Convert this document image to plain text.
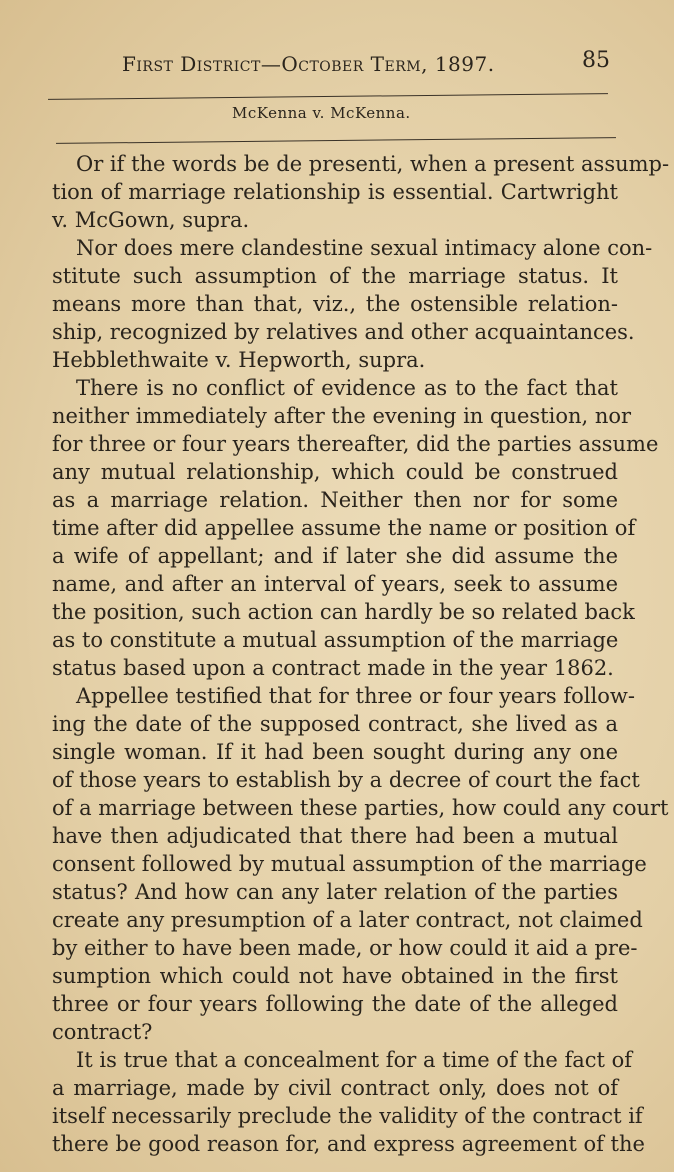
First District—October Term, 1897.	85
McKenna v. McKenna.
Or if the words be de presenti, when a present assump-
tion of marriage relationship is essential. Cartwright
v. McGown, supra.
Nor does mere clandestine sexual intimacy alone con-
stitute such assumption of the marriage status. It
means more than that, viz., the ostensible relation-
ship, recognized by relatives and other acquaintances.
Hebblethwaite v. Hepworth, supra.
There is no conflict of evidence as to the fact that
neither immediately after the evening in question, nor
for three or four years thereafter, did the parties assume
any mutual relationship, which could be construed
as a marriage relation. Neither then nor for some
time after did appellee assume the name or position of
a wife of appellant; and if later she did assume the
name, and after an interval of years, seek to assume
the position, such action can hardly be so related back
as to constitute a mutual assumption of the marriage
status based upon a contract made in the year 1862.
Appellee testified that for three or four years follow-
ing the date of the supposed contract, she lived as a
single woman. If it had been sought during any one
of those years to establish by a decree of court the fact
of a marriage between these parties, how could any court
have then adjudicated that there had been a mutual
consent followed by mutual assumption of the marriage
status? And how can any later relation of the parties
create any presumption of a later contract, not claimed
by either to have been made, or how could it aid a pre-
sumption which could not have obtained in the first
three or four years following the date of the alleged
contract?
It is true that a concealment for a time of the fact of
a marriage, made by civil contract only, does not of
itself necessarily preclude the validity of the contract if
there be good reason for, and express agreement of the
